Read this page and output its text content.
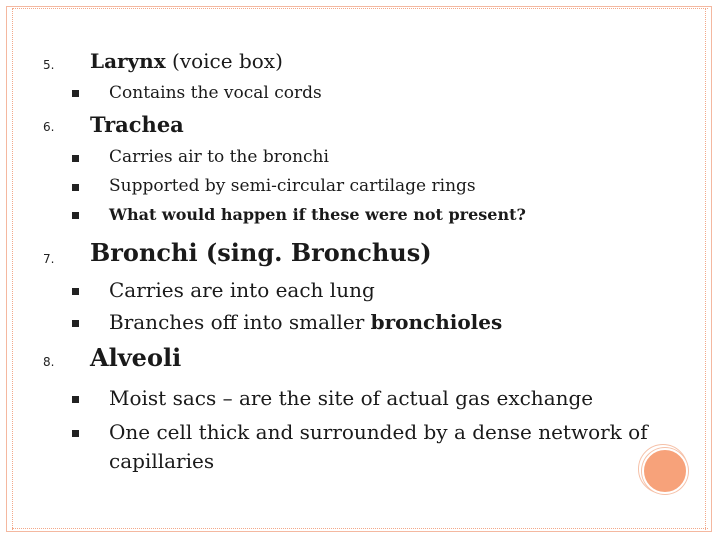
5. Larynx (voice box)
Contains the vocal cords
6. Trachea
Carries air to the bronchi
Supported by semi-circular cartilage rings
What would happen if these were not present?
7. Bronchi (sing. Bronchus)
Carries are into each lung
Branches off into smaller bronchioles
8. Alveoli
Moist sacs – are the site of actual gas exchange
One cell thick and surrounded by a dense network of
capillaries
